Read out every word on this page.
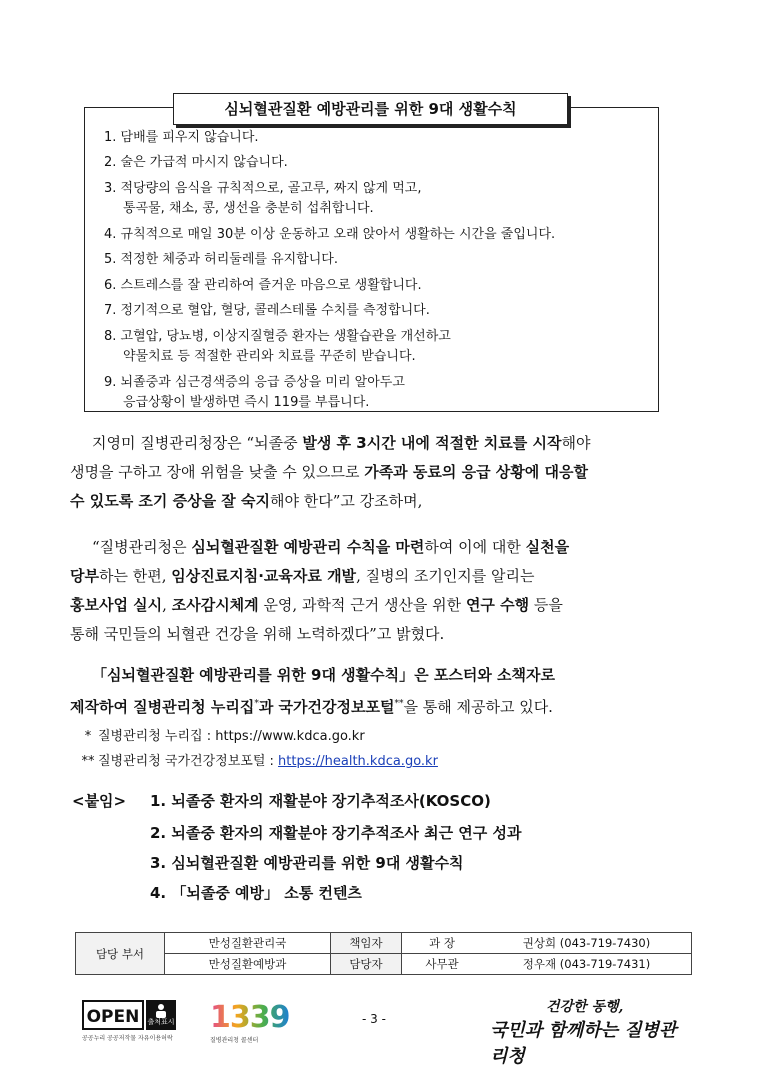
심뇌혈관질환 예방관리를 위한 9대 생활수칙
1. 담배를 피우지 않습니다.
2. 술은 가급적 마시지 않습니다.
3. 적당량의 음식을 규칙적으로, 골고루, 짜지 않게 먹고,
통곡물, 채소, 콩, 생선을 충분히 섭취합니다.
4. 규칙적으로 매일 30분 이상 운동하고 오래 앉아서 생활하는 시간을 줄입니다.
5. 적정한 체중과 허리둘레를 유지합니다.
6. 스트레스를 잘 관리하여 즐거운 마음으로 생활합니다.
7. 정기적으로 혈압, 혈당, 콜레스테롤 수치를 측정합니다.
8. 고혈압, 당뇨병, 이상지질혈증 환자는 생활습관을 개선하고
약물치료 등 적절한 관리와 치료를 꾸준히 받습니다.
9. 뇌졸중과 심근경색증의 응급 증상을 미리 알아두고
응급상황이 발생하면 즉시 119를 부릅니다.
지영미 질병관리청장은 “뇌졸중 발생 후 3시간 내에 적절한 치료를 시작해야
생명을 구하고 장애 위험을 낮출 수 있으므로 가족과 동료의 응급 상황에 대응할
수 있도록 조기 증상을 잘 숙지해야 한다”고 강조하며,
“질병관리청은 심뇌혈관질환 예방관리 수칙을 마련하여 이에 대한 실천을
당부하는 한편, 임상진료지침·교육자료 개발, 질병의 조기인지를 알리는
홍보사업 실시, 조사감시체계 운영, 과학적 근거 생산을 위한 연구 수행 등을
통해 국민들의 뇌혈관 건강을 위해 노력하겠다”고 밝혔다.
「심뇌혈관질환 예방관리를 위한 9대 생활수칙」은 포스터와 소책자로
제작하여 질병관리청 누리집*과 국가건강정보포털**을 통해 제공하고 있다.
* 질병관리청 누리집 : https://www.kdca.go.kr
** 질병관리청 국가건강정보포털 : https://health.kdca.go.kr
<붙임> 1. 뇌졸중 환자의 재활분야 장기추적조사(KOSCO)
2. 뇌졸중 환자의 재활분야 장기추적조사 최근 연구 성과
3. 심뇌혈관질환 예방관리를 위한 9대 생활수칙
4. 「뇌졸중 예방」 소통 컨텐츠
담당 부서	만성질환관리국	책임자	과 장	권상희 (043-719-7430)
	만성질환예방과	담당자	사무관	정우재 (043-719-7431)
OPEN	출처표시
공공누리 공공저작물 자유이용허락
1339
질병관리청 콜센터
- 3 -
건강한 동행,
국민과 함께하는 질병관리청
